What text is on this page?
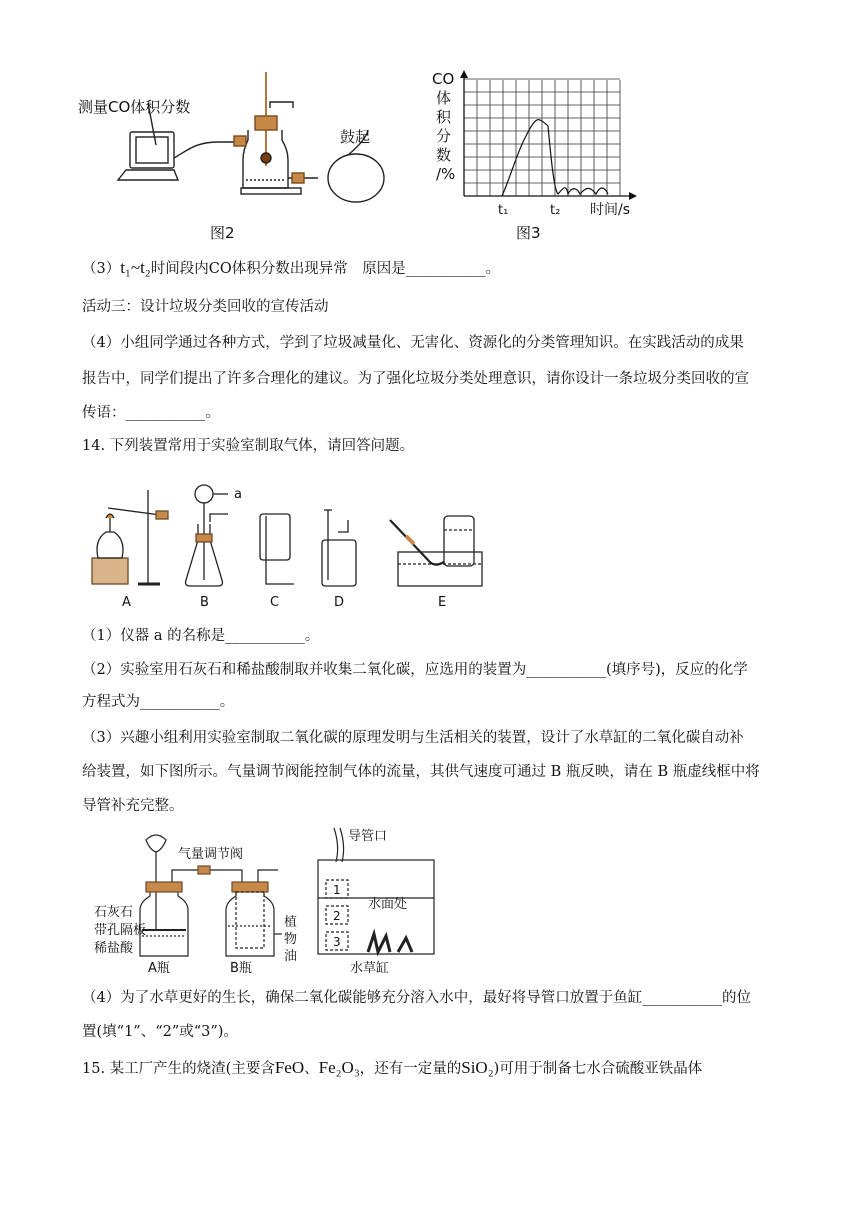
测量CO体积分数
鼓起
图2
CO
体
积
分
数
/%
t₁	t₂ 时间/s
图3
（3）t₁~t₂时间段内CO体积分数出现异常　原因是___________。
活动三：设计垃圾分类回收的宣传活动
（4）小组同学通过各种方式，学到了垃圾减量化、无害化、资源化的分类管理知识。在实践活动的成果
报告中，同学们提出了许多合理化的建议。为了强化垃圾分类处理意识，请你设计一条垃圾分类回收的宣
传语：___________。
14. 下列装置常用于实验室制取气体，请回答问题。
a
A	B	C	D	E
（1）仪器 a 的名称是___________。
（2）实验室用石灰石和稀盐酸制取并收集二氧化碳，应选用的装置为___________(填序号)，反应的化学
方程式为___________。
（3）兴趣小组利用实验室制取二氧化碳的原理发明与生活相关的装置，设计了水草缸的二氧化碳自动补
给装置，如下图所示。气量调节阀能控制气体的流量，其供气速度可通过 B 瓶反映，请在 B 瓶虚线框中将
导管补充完整。
气量调节阀
石灰石
带孔隔板
稀盐酸
A瓶	B瓶
植
物
油
导管口
水面处
水草缸
1
2
3
（4）为了水草更好的生长，确保二氧化碳能够充分溶入水中，最好将导管口放置于鱼缸___________的位
置(填“1”、“2”或“3”)。
15. 某工厂产生的烧渣(主要含FeO、Fe₂O₃，还有一定量的SiO₂)可用于制备七水合硫酸亚铁晶体
